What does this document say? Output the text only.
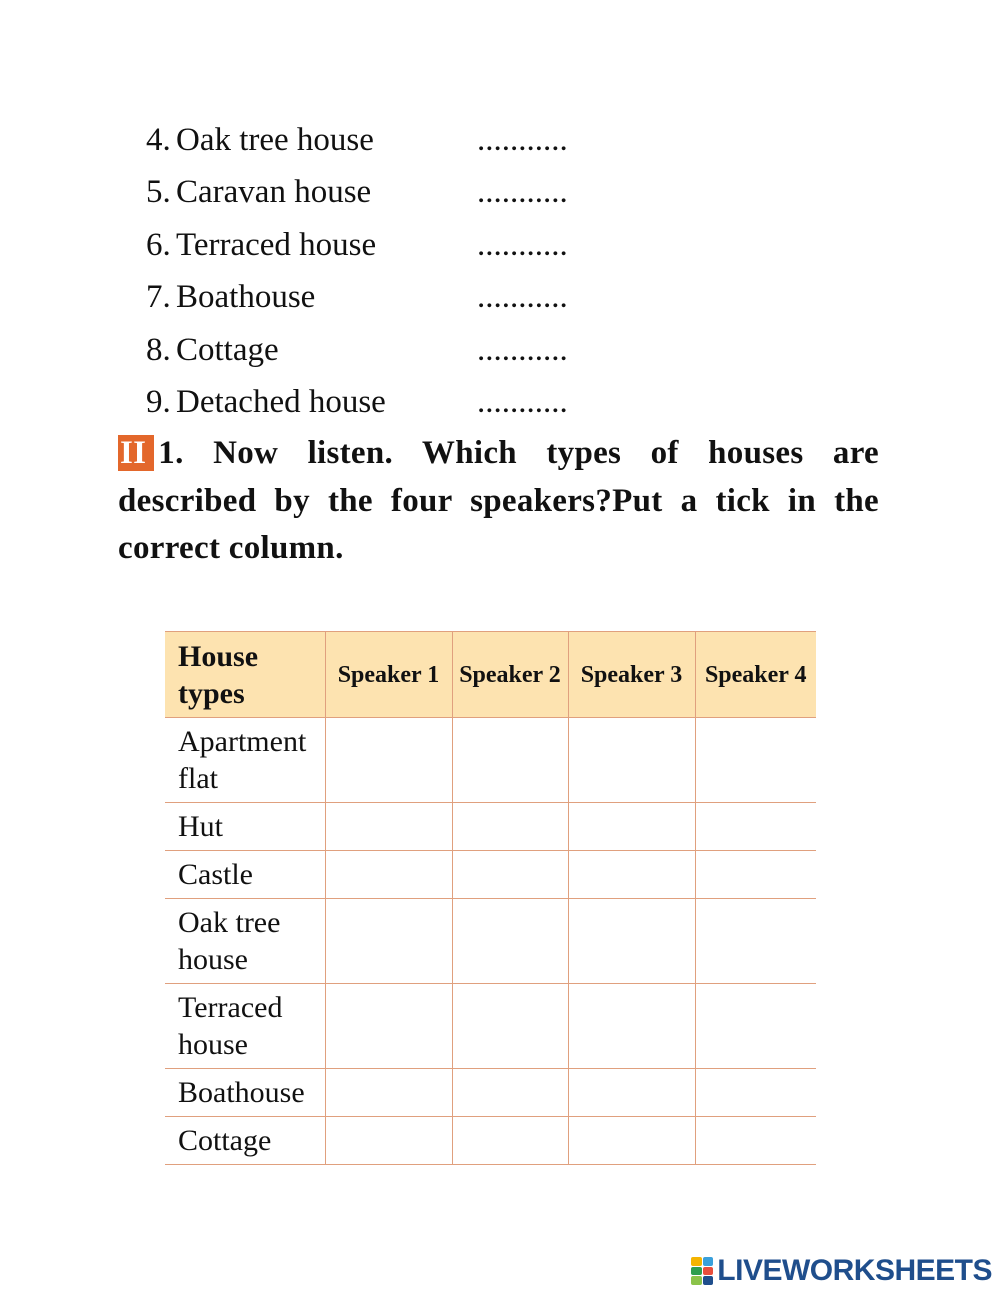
4. Oak tree house	...........
5. Caravan house	...........
6. Terraced house	...........
7. Boathouse	...........
8. Cottage	...........
9. Detached house	...........
II 1. Now listen. Which types of houses are described by the four speakers?Put a tick in the correct column.
House types	Speaker 1	Speaker 2	Speaker 3	Speaker 4
Apartment flat				
Hut				
Castle				
Oak tree house				
Terraced house				
Boathouse				
Cottage				
LIVEWORKSHEETS
